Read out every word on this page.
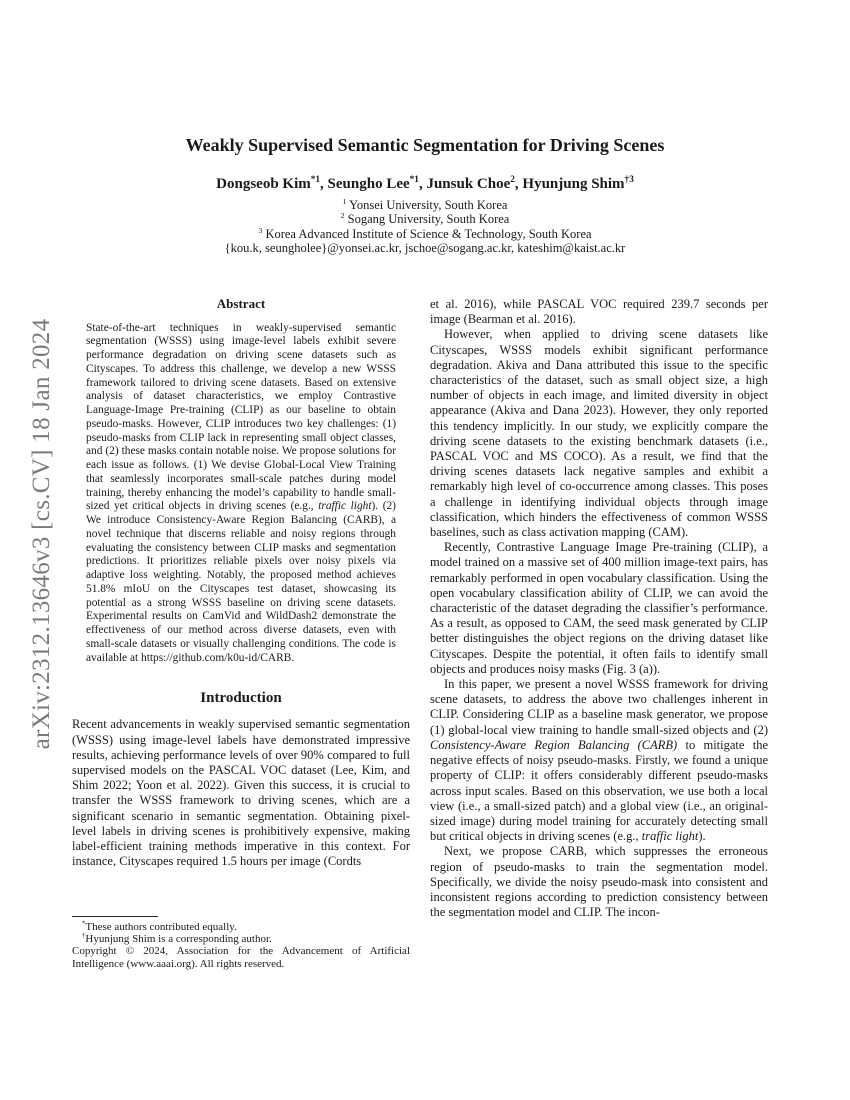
arXiv:2312.13646v3 [cs.CV] 18 Jan 2024
Weakly Supervised Semantic Segmentation for Driving Scenes
Dongseob Kim$^{*1}$, Seungho Lee$^{*1}$, Junsuk Choe$^2$, Hyunjung Shim$^{\dagger 3}$
$^1$ Yonsei University, South Korea
$^2$ Sogang University, South Korea
$^3$ Korea Advanced Institute of Science & Technology, South Korea
{kou.k, seungholee}@yonsei.ac.kr, jschoe@sogang.ac.kr, kateshim@kaist.ac.kr
Abstract

State-of-the-art techniques in weakly-supervised semantic segmentation (WSSS) using image-level labels exhibit severe performance degradation on driving scene datasets such as Cityscapes. To address this challenge, we develop a new WSSS framework tailored to driving scene datasets. Based on extensive analysis of dataset characteristics, we employ Contrastive Language-Image Pre-training (CLIP) as our baseline to obtain pseudo-masks. However, CLIP introduces two key challenges: (1) pseudo-masks from CLIP lack in representing small object classes, and (2) these masks contain notable noise. We propose solutions for each issue as follows. (1) We devise Global-Local View Training that seamlessly incorporates small-scale patches during model training, thereby enhancing the model’s capability to handle small-sized yet critical objects in driving scenes (e.g., traffic light). (2) We introduce Consistency-Aware Region Balancing (CARB), a novel technique that discerns reliable and noisy regions through evaluating the consistency between CLIP masks and segmentation predictions. It prioritizes reliable pixels over noisy pixels via adaptive loss weighting. Notably, the proposed method achieves 51.8% mIoU on the Cityscapes test dataset, showcasing its potential as a strong WSSS baseline on driving scene datasets. Experimental results on CamVid and WildDash2 demonstrate the effectiveness of our method across diverse datasets, even with small-scale datasets or visually challenging conditions. The code is available at https://github.com/k0u-id/CARB.

Introduction

Recent advancements in weakly supervised semantic segmentation (WSSS) using image-level labels have demonstrated impressive results, achieving performance levels of over 90% compared to full supervised models on the PASCAL VOC dataset (Lee, Kim, and Shim 2022; Yoon et al. 2022). Given this success, it is crucial to transfer the WSSS framework to driving scenes, which are a significant scenario in semantic segmentation. Obtaining pixel-level labels in driving scenes is prohibitively expensive, making label-efficient training methods imperative in this context. For instance, Cityscapes required 1.5 hours per image (Cordts

et al. 2016), while PASCAL VOC required 239.7 seconds per image (Bearman et al. 2016).

However, when applied to driving scene datasets like Cityscapes, WSSS models exhibit significant performance degradation. Akiva and Dana attributed this issue to the specific characteristics of the dataset, such as small object size, a high number of objects in each image, and limited diversity in object appearance (Akiva and Dana 2023). However, they only reported this tendency implicitly. In our study, we explicitly compare the driving scene datasets to the existing benchmark datasets (i.e., PASCAL VOC and MS COCO). As a result, we find that the driving scenes datasets lack negative samples and exhibit a remarkably high level of co-occurrence among classes. This poses a challenge in identifying individual objects through image classification, which hinders the effectiveness of common WSSS baselines, such as class activation mapping (CAM).

Recently, Contrastive Language Image Pre-training (CLIP), a model trained on a massive set of 400 million image-text pairs, has remarkably performed in open vocabulary classification. Using the open vocabulary classification ability of CLIP, we can avoid the characteristic of the dataset degrading the classifier’s performance. As a result, as opposed to CAM, the seed mask generated by CLIP better distinguishes the object regions on the driving dataset like Cityscapes. Despite the potential, it often fails to identify small objects and produces noisy masks (Fig. 3 (a)).

In this paper, we present a novel WSSS framework for driving scene datasets, to address the above two challenges inherent in CLIP. Considering CLIP as a baseline mask generator, we propose (1) global-local view training to handle small-sized objects and (2) Consistency-Aware Region Balancing (CARB) to mitigate the negative effects of noisy pseudo-masks. Firstly, we found a unique property of CLIP: it offers considerably different pseudo-masks across input scales. Based on this observation, we use both a local view (i.e., a small-sized patch) and a global view (i.e., an original-sized image) during model training for accurately detecting small but critical objects in driving scenes (e.g., traffic light).

Next, we propose CARB, which suppresses the erroneous region of pseudo-masks to train the segmentation model. Specifically, we divide the noisy pseudo-mask into consistent and inconsistent regions according to prediction consistency between the segmentation model and CLIP. The incon-

*These authors contributed equally.

†Hyunjung Shim is a corresponding author.

Copyright © 2024, Association for the Advancement of Artificial Intelligence (www.aaai.org). All rights reserved.
